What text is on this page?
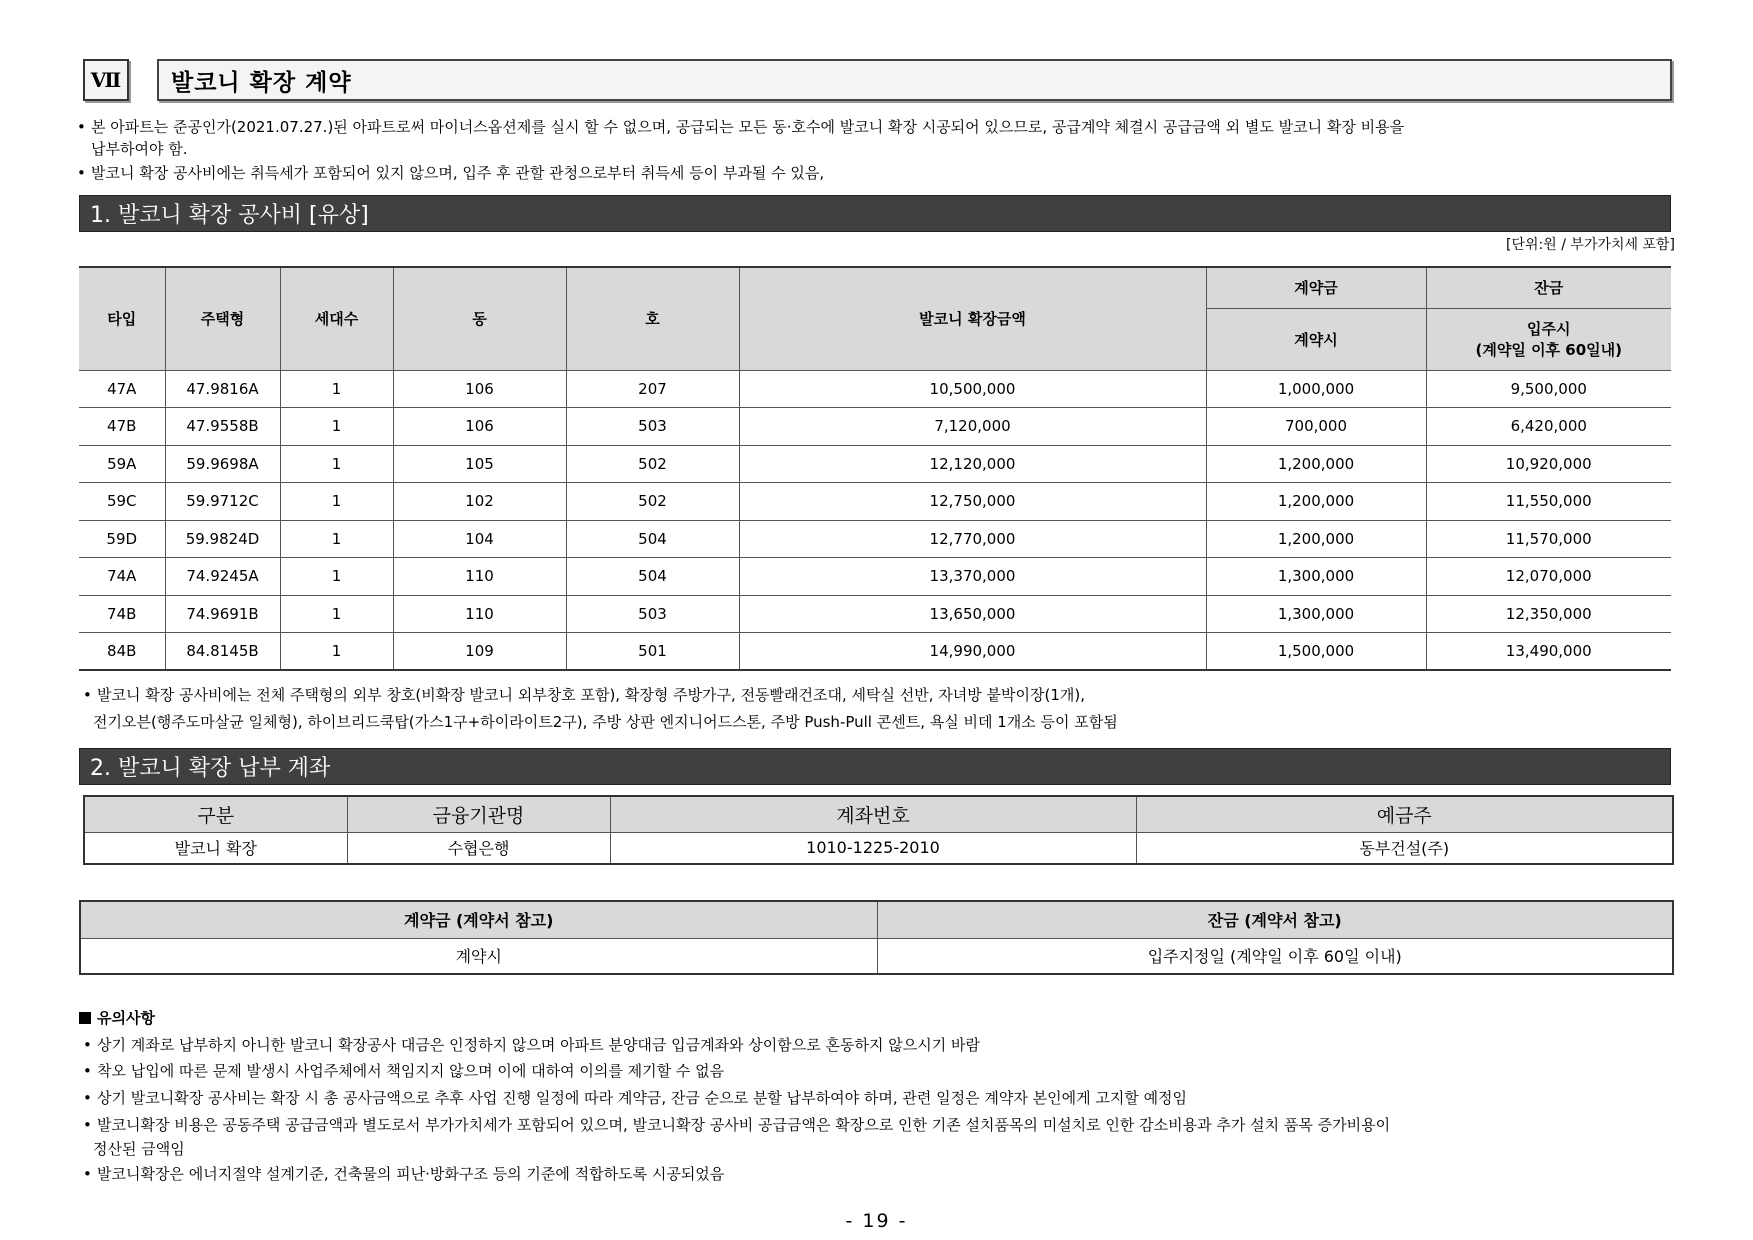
Ⅶ	발코니 확장 계약
• 본 아파트는 준공인가(2021.07.27.)된 아파트로써 마이너스옵션제를 실시 할 수 없으며, 공급되는 모든 동·호수에 발코니 확장 시공되어 있으므로, 공급계약 체결시 공급금액 외 별도 발코니 확장 비용을
납부하여야 함.
• 발코니 확장 공사비에는 취득세가 포함되어 있지 않으며, 입주 후 관할 관청으로부터 취득세 등이 부과될 수 있음,
1. 발코니 확장 공사비 [유상]
[단위:원 / 부가가치세 포함]
타입	주택형	세대수	동	호	발코니 확장금액	계약금	잔금
						계약시	입주시
(계약일 이후 60일내)

47A	47.9816A	1	106	207	10,500,000	1,000,000	9,500,000
47B	47.9558B	1	106	503	7,120,000	700,000	6,420,000
59A	59.9698A	1	105	502	12,120,000	1,200,000	10,920,000
59C	59.9712C	1	102	502	12,750,000	1,200,000	11,550,000
59D	59.9824D	1	104	504	12,770,000	1,200,000	11,570,000
74A	74.9245A	1	110	504	13,370,000	1,300,000	12,070,000
74B	74.9691B	1	110	503	13,650,000	1,300,000	12,350,000
84B	84.8145B	1	109	501	14,990,000	1,500,000	13,490,000
• 발코니 확장 공사비에는 전체 주택형의 외부 창호(비확장 발코니 외부창호 포함), 확장형 주방가구, 전동빨래건조대, 세탁실 선반, 자녀방 붙박이장(1개),
전기오븐(행주도마살균 일체형), 하이브리드쿡탑(가스1구+하이라이트2구), 주방 상판 엔지니어드스톤, 주방 Push-Pull 콘센트, 욕실 비데 1개소 등이 포함됨
2. 발코니 확장 납부 계좌
구분	금융기관명	계좌번호	예금주
발코니 확장	수협은행	1010-1225-2010	동부건설(주)
계약금 (계약서 참고)	잔금 (계약서 참고)
계약시	입주지정일 (계약일 이후 60일 이내)
유의사항
• 상기 계좌로 납부하지 아니한 발코니 확장공사 대금은 인정하지 않으며 아파트 분양대금 입금계좌와 상이함으로 혼동하지 않으시기 바람
• 착오 납입에 따른 문제 발생시 사업주체에서 책임지지 않으며 이에 대하여 이의를 제기할 수 없음
• 상기 발코니확장 공사비는 확장 시 총 공사금액으로 추후 사업 진행 일정에 따라 계약금, 잔금 순으로 분할 납부하여야 하며, 관련 일정은 계약자 본인에게 고지할 예정임
• 발코니확장 비용은 공동주택 공급금액과 별도로서 부가가치세가 포함되어 있으며, 발코니확장 공사비 공급금액은 확장으로 인한 기존 설치품목의 미설치로 인한 감소비용과 추가 설치 품목 증가비용이
정산된 금액임
• 발코니확장은 에너지절약 설계기준, 건축물의 피난·방화구조 등의 기준에 적합하도록 시공되었음
- 19 -
